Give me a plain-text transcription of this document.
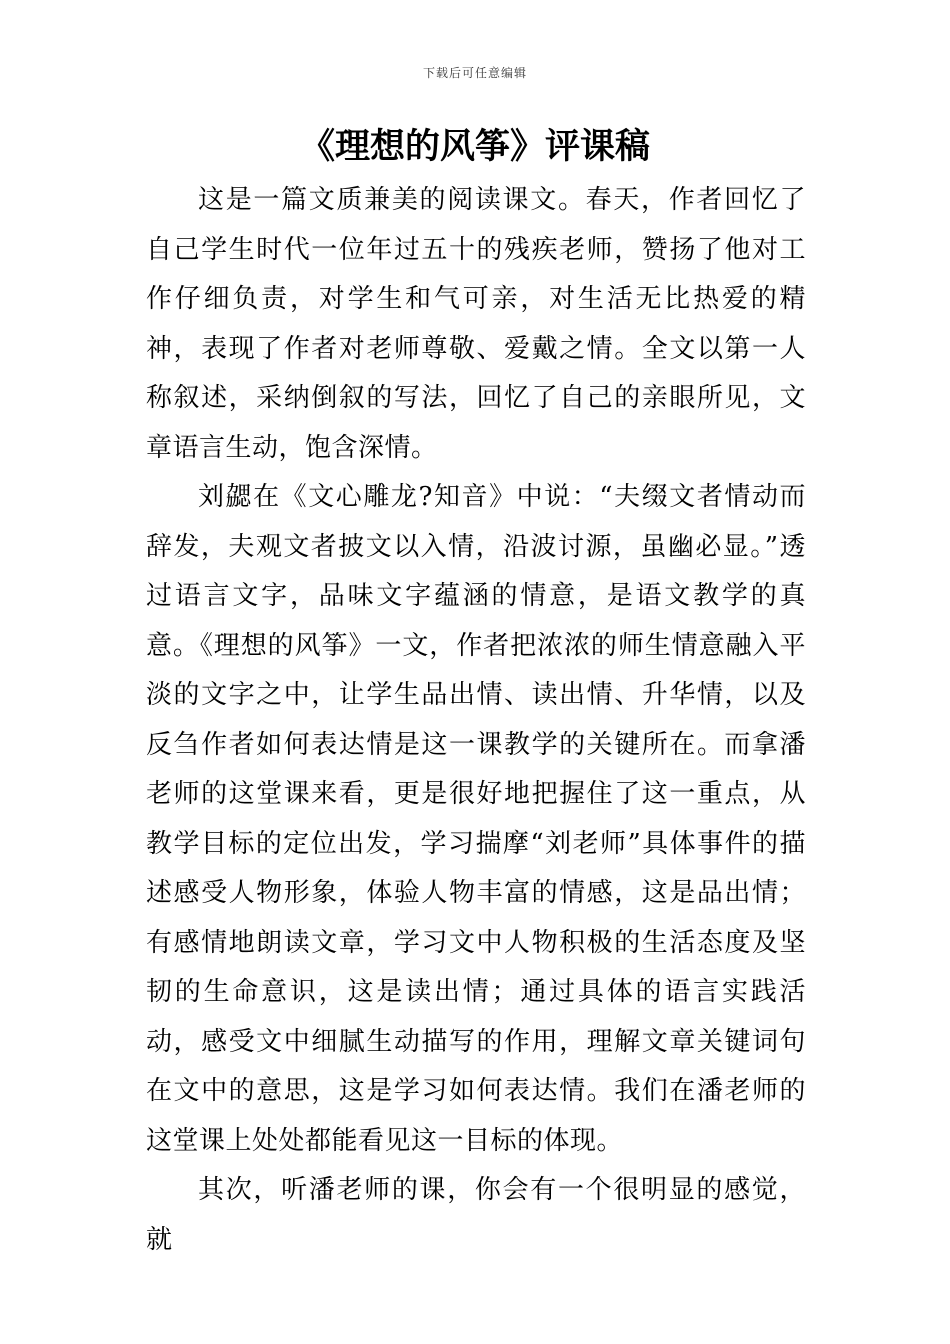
下载后可任意编辑
《理想的风筝》评课稿

这是一篇文质兼美的阅读课文。春天，作者回忆了自己学生时代一位年过五十的残疾老师，赞扬了他对工作仔细负责，对学生和气可亲，对生活无比热爱的精神，表现了作者对老师尊敬、爱戴之情。全文以第一人称叙述，采纳倒叙的写法，回忆了自己的亲眼所见，文章语言生动，饱含深情。

刘勰在《文心雕龙?知音》中说：“夫缀文者情动而辞发，夫观文者披文以入情，沿波讨源，虽幽必显。”透过语言文字，品味文字蕴涵的情意，是语文教学的真意。《理想的风筝》一文，作者把浓浓的师生情意融入平淡的文字之中，让学生品出情、读出情、升华情，以及反刍作者如何表达情是这一课教学的关键所在。而拿潘老师的这堂课来看，更是很好地把握住了这一重点，从教学目标的定位出发，学习揣摩“刘老师”具体事件的描述感受人物形象，体验人物丰富的情感，这是品出情；有感情地朗读文章，学习文中人物积极的生活态度及坚韧的生命意识，这是读出情；通过具体的语言实践活动，感受文中细腻生动描写的作用，理解文章关键词句在文中的意思，这是学习如何表达情。我们在潘老师的这堂课上处处都能看见这一目标的体现。

其次，听潘老师的课，你会有一个很明显的感觉，就
